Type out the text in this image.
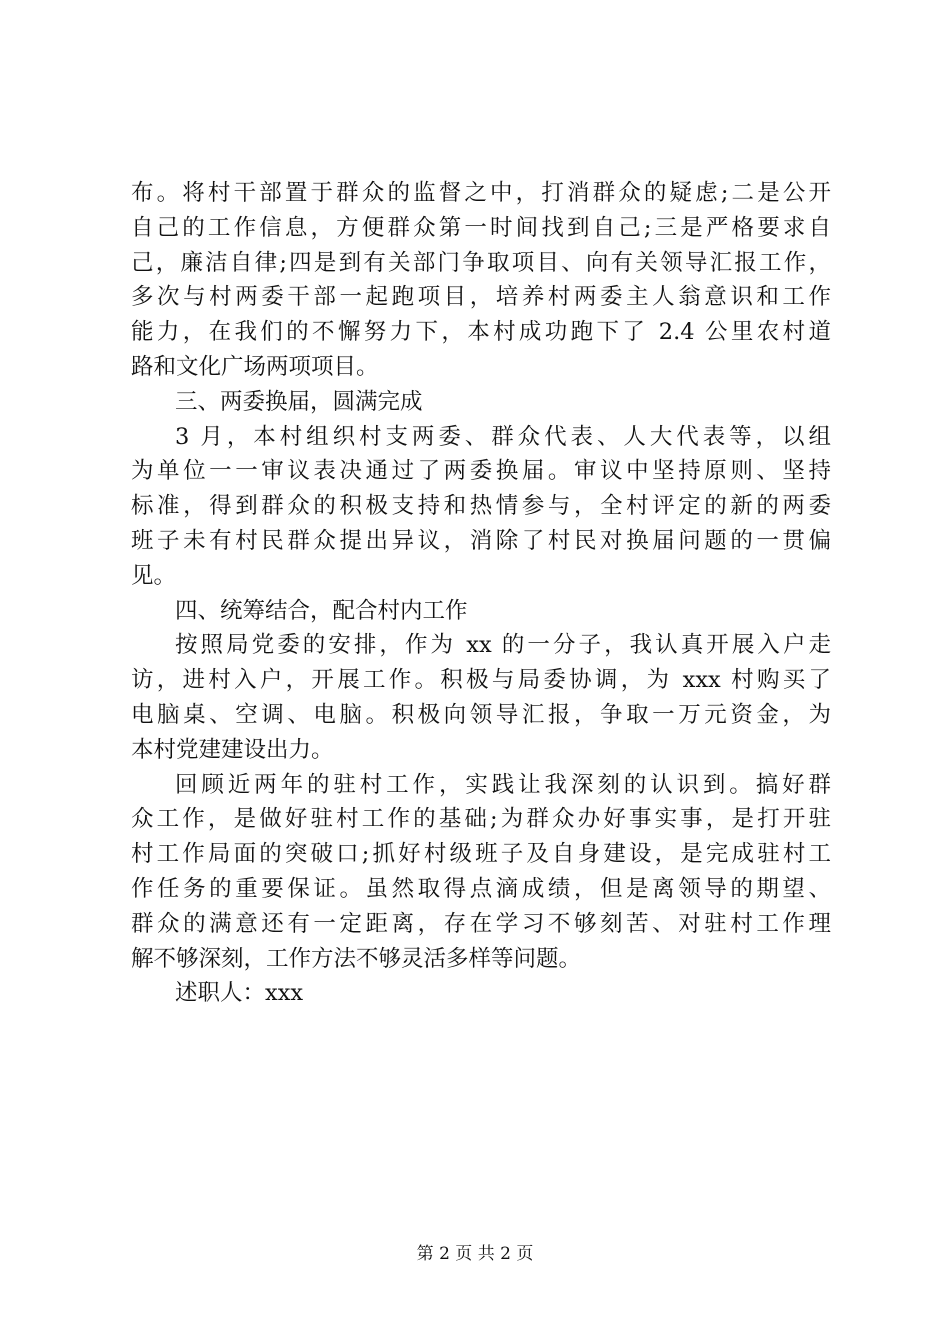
布。将村干部置于群众的监督之中，打消群众的疑虑;二是公开
自己的工作信息，方便群众第一时间找到自己;三是严格要求自
己，廉洁自律;四是到有关部门争取项目、向有关领导汇报工作，
多次与村两委干部一起跑项目，培养村两委主人翁意识和工作
能力，在我们的不懈努力下，本村成功跑下了 2.4 公里农村道
路和文化广场两项项目。
三、两委换届，圆满完成
3 月，本村组织村支两委、群众代表、人大代表等，以组
为单位一一审议表决通过了两委换届。审议中坚持原则、坚持
标准，得到群众的积极支持和热情参与，全村评定的新的两委
班子未有村民群众提出异议，消除了村民对换届问题的一贯偏
见。
四、统筹结合，配合村内工作
按照局党委的安排，作为 xx 的一分子，我认真开展入户走
访，进村入户，开展工作。积极与局委协调，为 xxx 村购买了
电脑桌、空调、电脑。积极向领导汇报，争取一万元资金，为
本村党建建设出力。
回顾近两年的驻村工作，实践让我深刻的认识到。搞好群
众工作，是做好驻村工作的基础;为群众办好事实事，是打开驻
村工作局面的突破口;抓好村级班子及自身建设，是完成驻村工
作任务的重要保证。虽然取得点滴成绩，但是离领导的期望、
群众的满意还有一定距离，存在学习不够刻苦、对驻村工作理
解不够深刻，工作方法不够灵活多样等问题。
述职人：xxx
第 2 页 共 2 页
